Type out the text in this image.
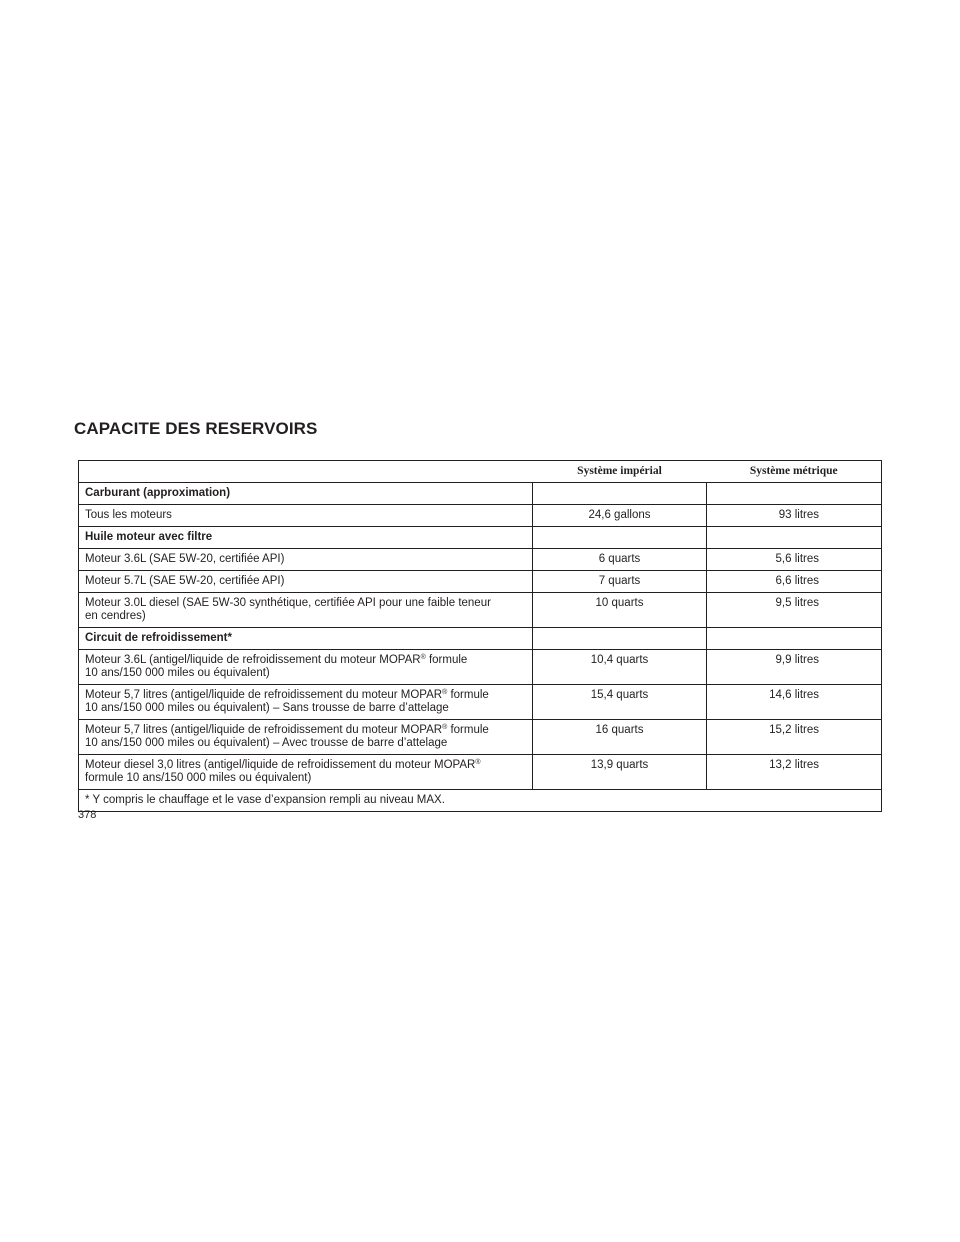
CAPACITE DES RESERVOIRS
	Système impérial	Système métrique
Carburant (approximation)		
Tous les moteurs	24,6 gallons	93 litres
Huile moteur avec filtre		
Moteur 3.6L (SAE 5W-20, certifiée API)	6 quarts	5,6 litres
Moteur 5.7L (SAE 5W-20, certifiée API)	7 quarts	6,6 litres
Moteur 3.0L diesel (SAE 5W-30 synthétique, certifiée API pour une faible teneur
en cendres)	10 quarts	9,5 litres
Circuit de refroidissement*		
Moteur 3.6L (antigel/liquide de refroidissement du moteur MOPAR® formule
10 ans/150 000 miles ou équivalent)	10,4 quarts	9,9 litres
Moteur 5,7 litres (antigel/liquide de refroidissement du moteur MOPAR® formule
10 ans/150 000 miles ou équivalent) – Sans trousse de barre d’attelage	15,4 quarts	14,6 litres
Moteur 5,7 litres (antigel/liquide de refroidissement du moteur MOPAR® formule
10 ans/150 000 miles ou équivalent) – Avec trousse de barre d’attelage	16 quarts	15,2 litres
Moteur diesel 3,0 litres (antigel/liquide de refroidissement du moteur MOPAR®
formule 10 ans/150 000 miles ou équivalent)	13,9 quarts	13,2 litres
* Y compris le chauffage et le vase d’expansion rempli au niveau MAX.		

378
